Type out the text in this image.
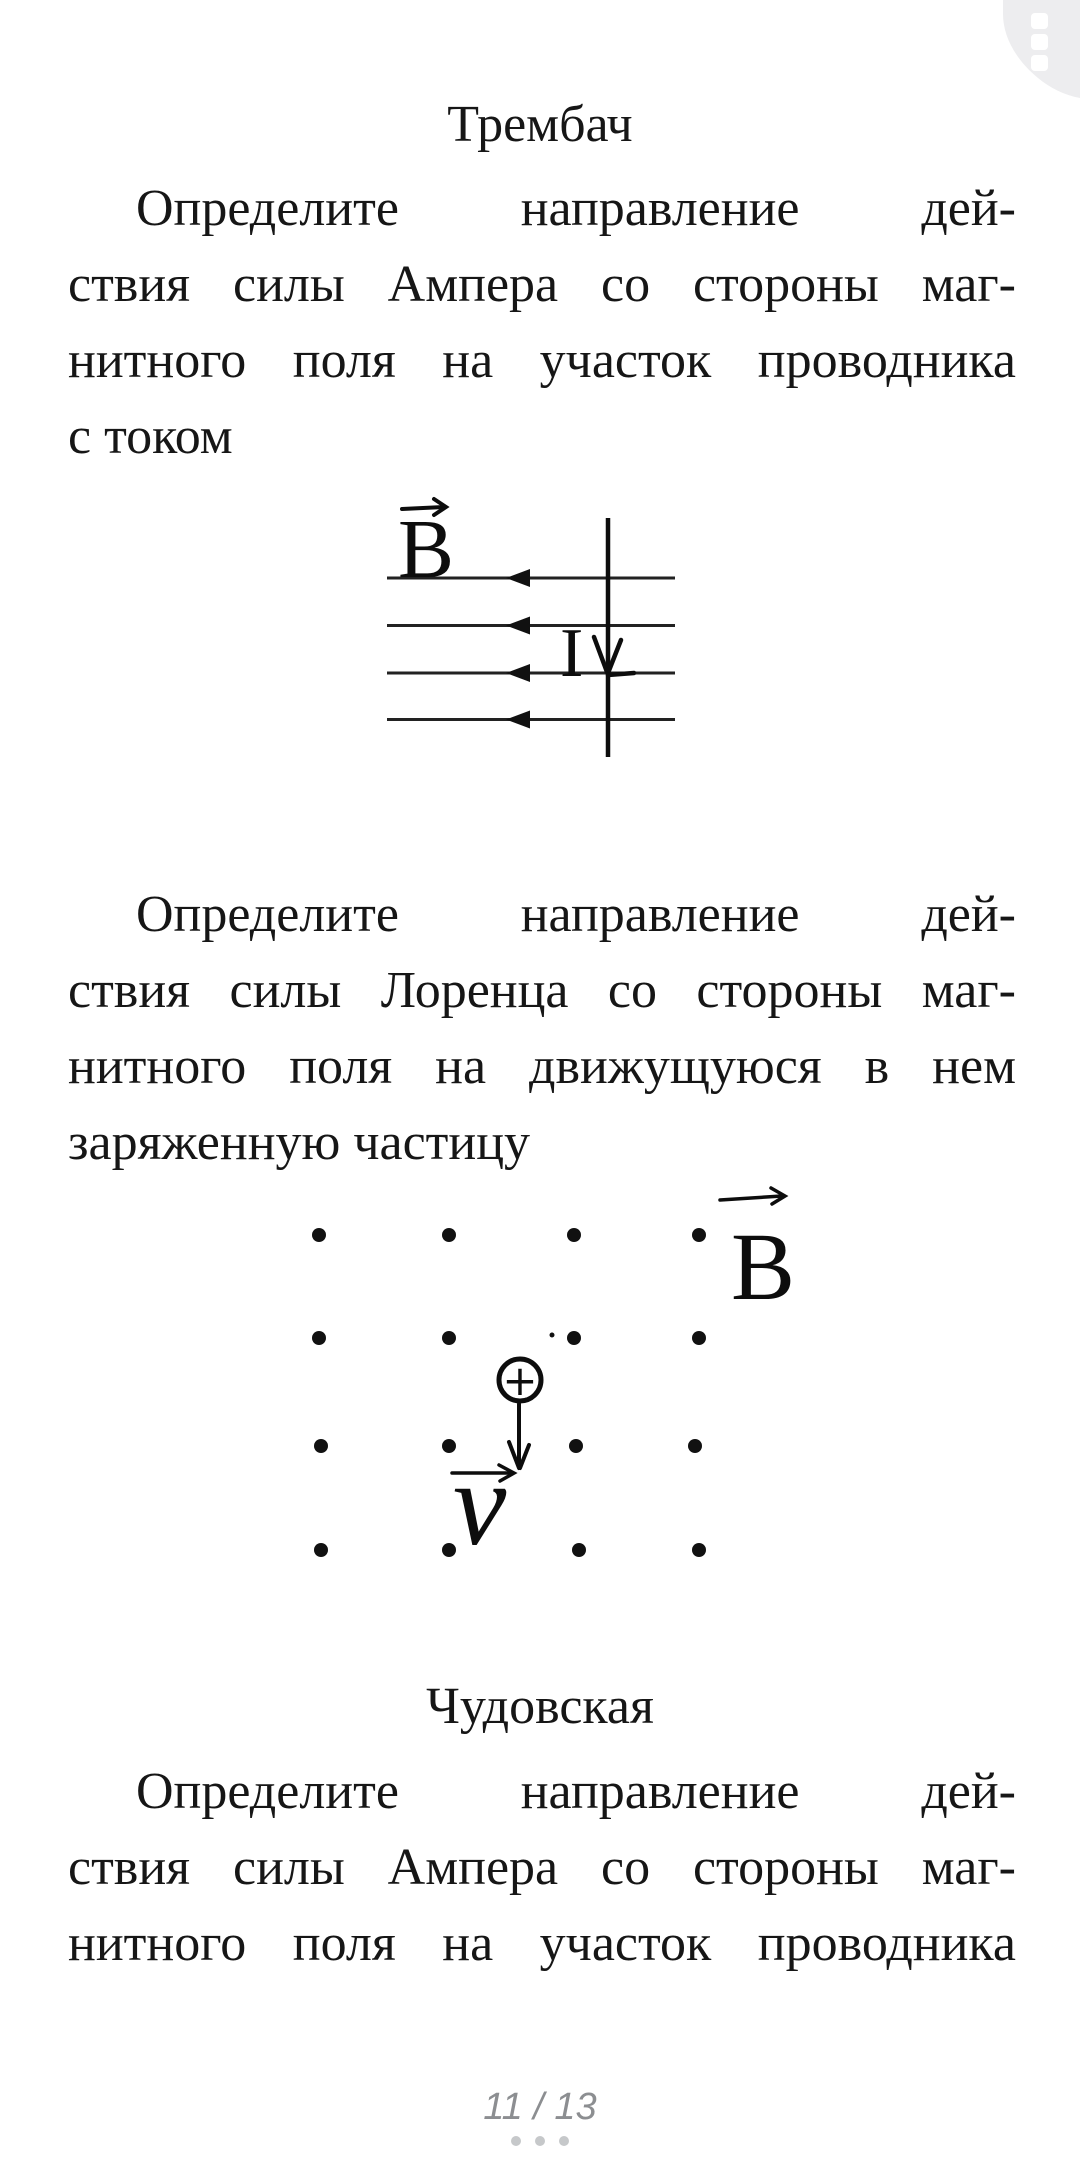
Трембач
Определите направление дей-
ствия силы Ампера со стороны маг-
нитного поля на участок проводника
с током
B
I
Определите направление дей-
ствия силы Лоренца со стороны маг-
нитного поля на движущуюся в нем
заряженную частицу
+
v
B
Чудовская
Определите направление дей-
ствия силы Ампера со стороны маг-
нитного поля на участок проводника
11 / 13
